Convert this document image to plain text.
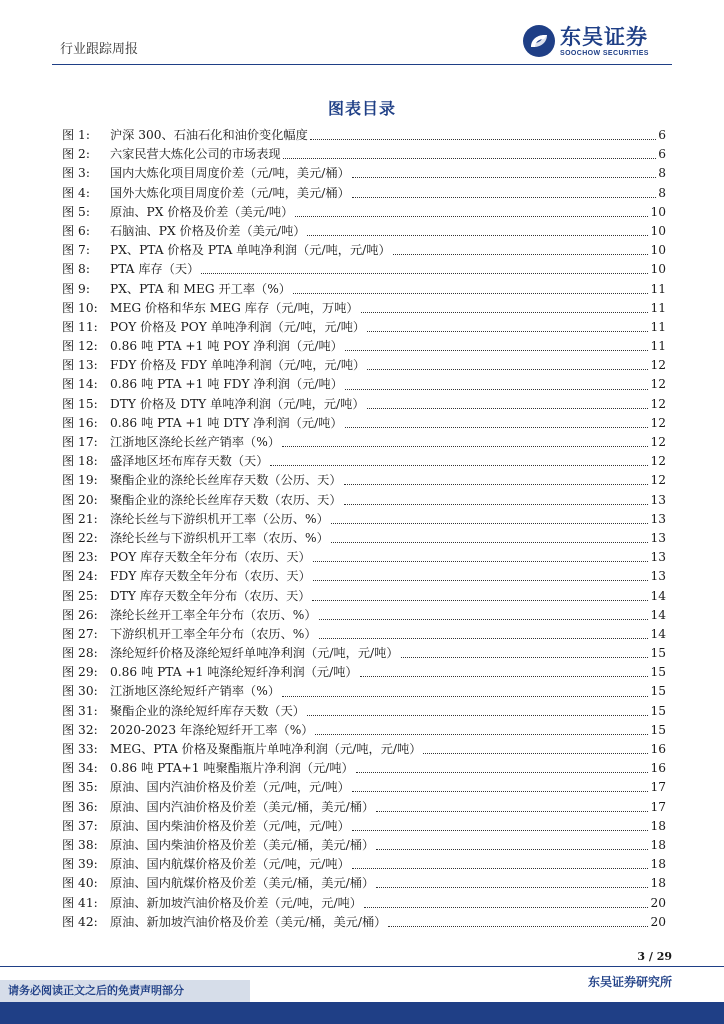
行业跟踪周报
东吴证券
SOOCHOW SECURITIES
图表目录
图 1:	沪深 300、石油石化和油价变化幅度	6
图 2:	六家民营大炼化公司的市场表现	6
图 3:	国内大炼化项目周度价差（元/吨，美元/桶）	8
图 4:	国外大炼化项目周度价差（元/吨，美元/桶）	8
图 5:	原油、PX 价格及价差（美元/吨）	10
图 6:	石脑油、PX 价格及价差（美元/吨）	10
图 7:	PX、PTA 价格及 PTA 单吨净利润（元/吨，元/吨）	10
图 8:	PTA 库存（天）	10
图 9:	PX、PTA 和 MEG 开工率（%）	11
图 10:	MEG 价格和华东 MEG 库存（元/吨，万吨）	11
图 11:	POY 价格及 POY 单吨净利润（元/吨，元/吨）	11
图 12:	0.86 吨 PTA +1 吨 POY 净利润（元/吨）	11
图 13:	FDY 价格及 FDY 单吨净利润（元/吨，元/吨）	12
图 14:	0.86 吨 PTA +1 吨 FDY 净利润（元/吨）	12
图 15:	DTY 价格及 DTY 单吨净利润（元/吨，元/吨）	12
图 16:	0.86 吨 PTA +1 吨 DTY 净利润（元/吨）	12
图 17:	江浙地区涤纶长丝产销率（%）	12
图 18:	盛泽地区坯布库存天数（天）	12
图 19:	聚酯企业的涤纶长丝库存天数（公历、天）	12
图 20:	聚酯企业的涤纶长丝库存天数（农历、天）	13
图 21:	涤纶长丝与下游织机开工率（公历、%）	13
图 22:	涤纶长丝与下游织机开工率（农历、%）	13
图 23:	POY 库存天数全年分布（农历、天）	13
图 24:	FDY 库存天数全年分布（农历、天）	13
图 25:	DTY 库存天数全年分布（农历、天）	14
图 26:	涤纶长丝开工率全年分布（农历、%）	14
图 27:	下游织机开工率全年分布（农历、%）	14
图 28:	涤纶短纤价格及涤纶短纤单吨净利润（元/吨，元/吨）	15
图 29:	0.86 吨 PTA +1 吨涤纶短纤净利润（元/吨）	15
图 30:	江浙地区涤纶短纤产销率（%）	15
图 31:	聚酯企业的涤纶短纤库存天数（天）	15
图 32:	2020-2023 年涤纶短纤开工率（%）	15
图 33:	MEG、PTA 价格及聚酯瓶片单吨净利润（元/吨，元/吨）	16
图 34:	0.86 吨 PTA+1 吨聚酯瓶片净利润（元/吨）	16
图 35:	原油、国内汽油价格及价差（元/吨，元/吨）	17
图 36:	原油、国内汽油价格及价差（美元/桶，美元/桶）	17
图 37:	原油、国内柴油价格及价差（元/吨，元/吨）	18
图 38:	原油、国内柴油价格及价差（美元/桶，美元/桶）	18
图 39:	原油、国内航煤价格及价差（元/吨，元/吨）	18
图 40:	原油、国内航煤价格及价差（美元/桶，美元/桶）	18
图 41:	原油、新加坡汽油价格及价差（元/吨，元/吨）	20
图 42:	原油、新加坡汽油价格及价差（美元/桶，美元/桶）	20
3 / 29
请务必阅读正文之后的免责声明部分
东吴证券研究所
